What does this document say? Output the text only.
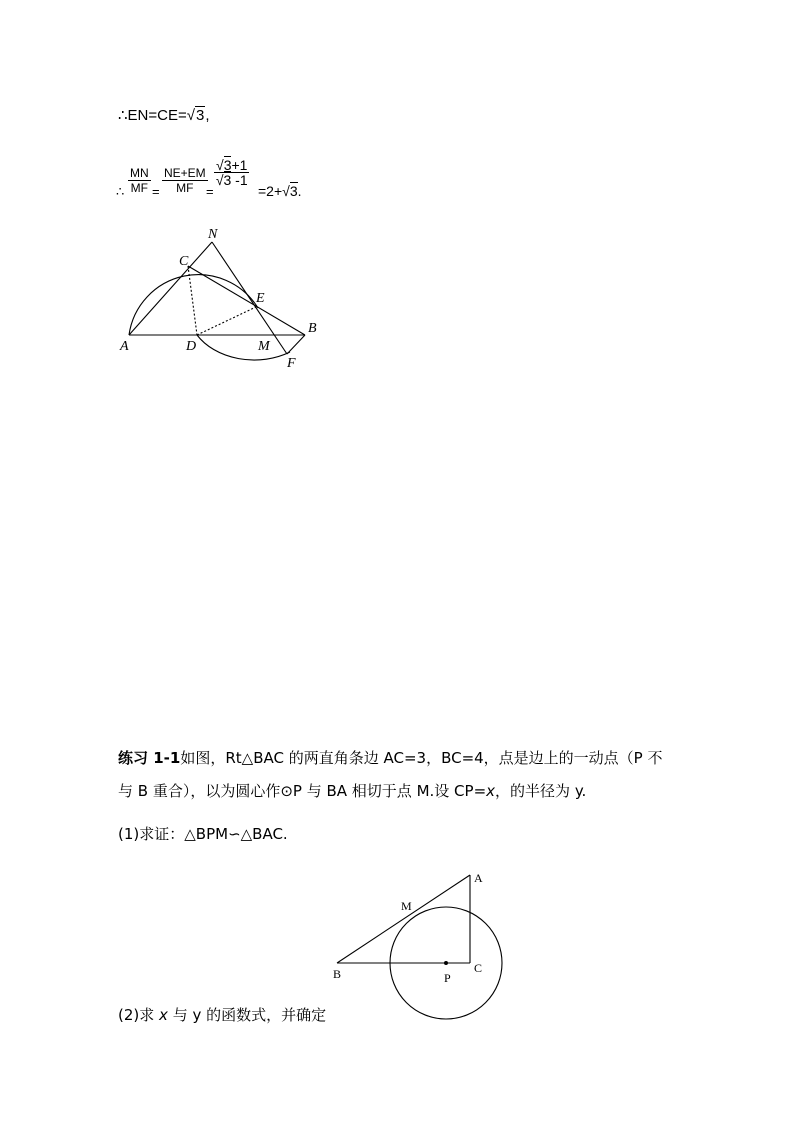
∴EN=CE=√3,
∴ $\frac{MN}{MF} = \frac{NE+EM}{MF}$
=
$\frac{√3+1}{√3 -1}$
=2+√3.
N
C
E
B
A	D	M
F
练习 1-1如图，Rt△BAC 的两直角条边 AC=3，BC=4，点是边上的一动点（P 不
与 B 重合），以为圆心作⊙P 与 BA 相切于点 M.设 CP=x，的半径为 y.
(1)求证：△BPM∽△BAC.
A
M
B	P
C
(2)求 x 与 y 的函数式，并确定
